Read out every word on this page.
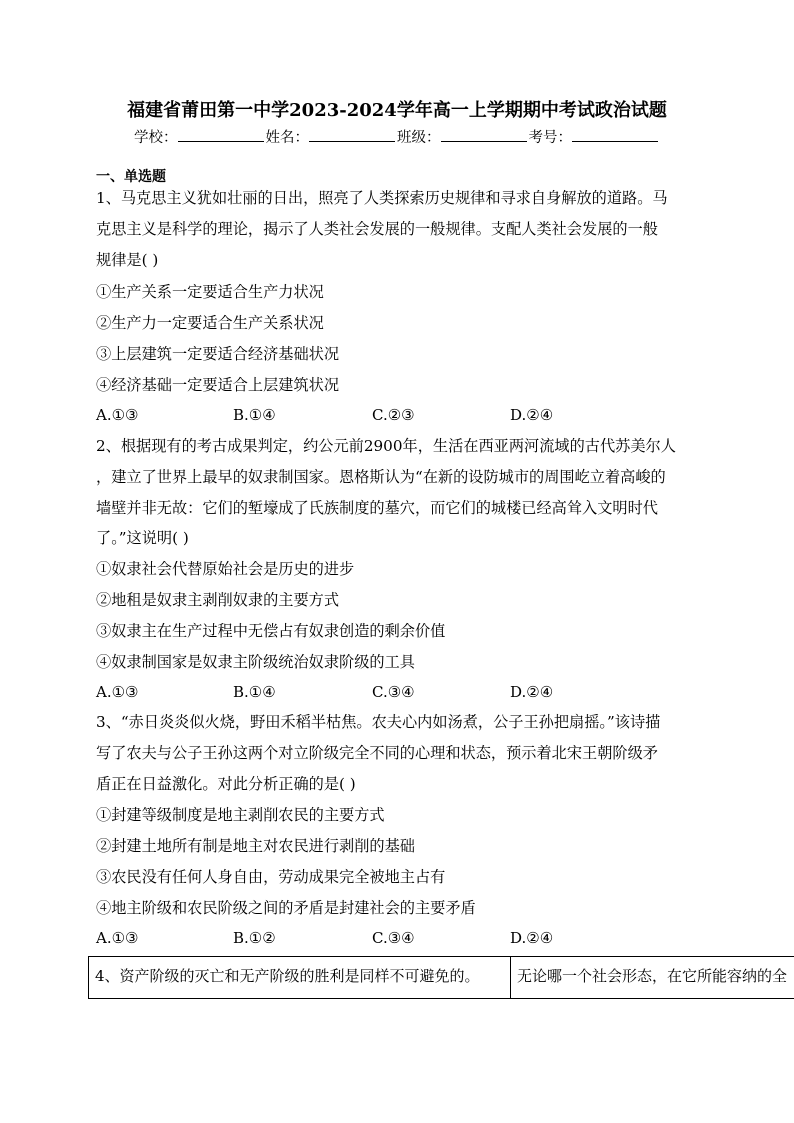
福建省莆田第一中学2023-2024学年高一上学期期中考试政治试题
学校：	姓名：	班级：	考号：
一、单选题
1、马克思主义犹如壮丽的日出，照亮了人类探索历史规律和寻求自身解放的道路。马
克思主义是科学的理论，揭示了人类社会发展的一般规律。支配人类社会发展的一般
规律是( )
①生产关系一定要适合生产力状况
②生产力一定要适合生产关系状况
③上层建筑一定要适合经济基础状况
④经济基础一定要适合上层建筑状况
A.①③	B.①④	C.②③	D.②④
2、根据现有的考古成果判定，约公元前2900年，生活在西亚两河流域的古代苏美尔人
，建立了世界上最早的奴隶制国家。恩格斯认为“在新的设防城市的周围屹立着高峻的
墙壁并非无故：它们的堑壕成了氏族制度的墓穴，而它们的城楼已经高耸入文明时代
了。”这说明( )
①奴隶社会代替原始社会是历史的进步
②地租是奴隶主剥削奴隶的主要方式
③奴隶主在生产过程中无偿占有奴隶创造的剩余价值
④奴隶制国家是奴隶主阶级统治奴隶阶级的工具
A.①③	B.①④	C.③④	D.②④
3、“赤日炎炎似火烧，野田禾稻半枯焦。农夫心内如汤煮，公子王孙把扇摇。”该诗描
写了农夫与公子王孙这两个对立阶级完全不同的心理和状态，预示着北宋王朝阶级矛
盾正在日益激化。对此分析正确的是( )
①封建等级制度是地主剥削农民的主要方式
②封建土地所有制是地主对农民进行剥削的基础
③农民没有任何人身自由，劳动成果完全被地主占有
④地主阶级和农民阶级之间的矛盾是封建社会的主要矛盾
A.①③	B.①②	C.③④	D.②④
4、资产阶级的灭亡和无产阶级的胜利是同样不可避免的。 无论哪一个社会形态，在它所能容纳的全
